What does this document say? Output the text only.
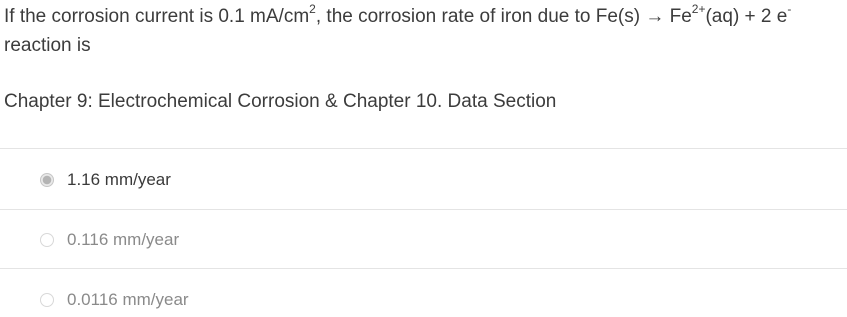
If the corrosion current is 0.1 $mA/cm^2$, the corrosion rate of iron due to $Fe(s) \to Fe^{2+}(aq) + 2$ e-
reaction is
Chapter 9: Electrochemical Corrosion & Chapter 10. Data Section
1.16 mm/year
0.116 mm/year
0.0116 mm/year
